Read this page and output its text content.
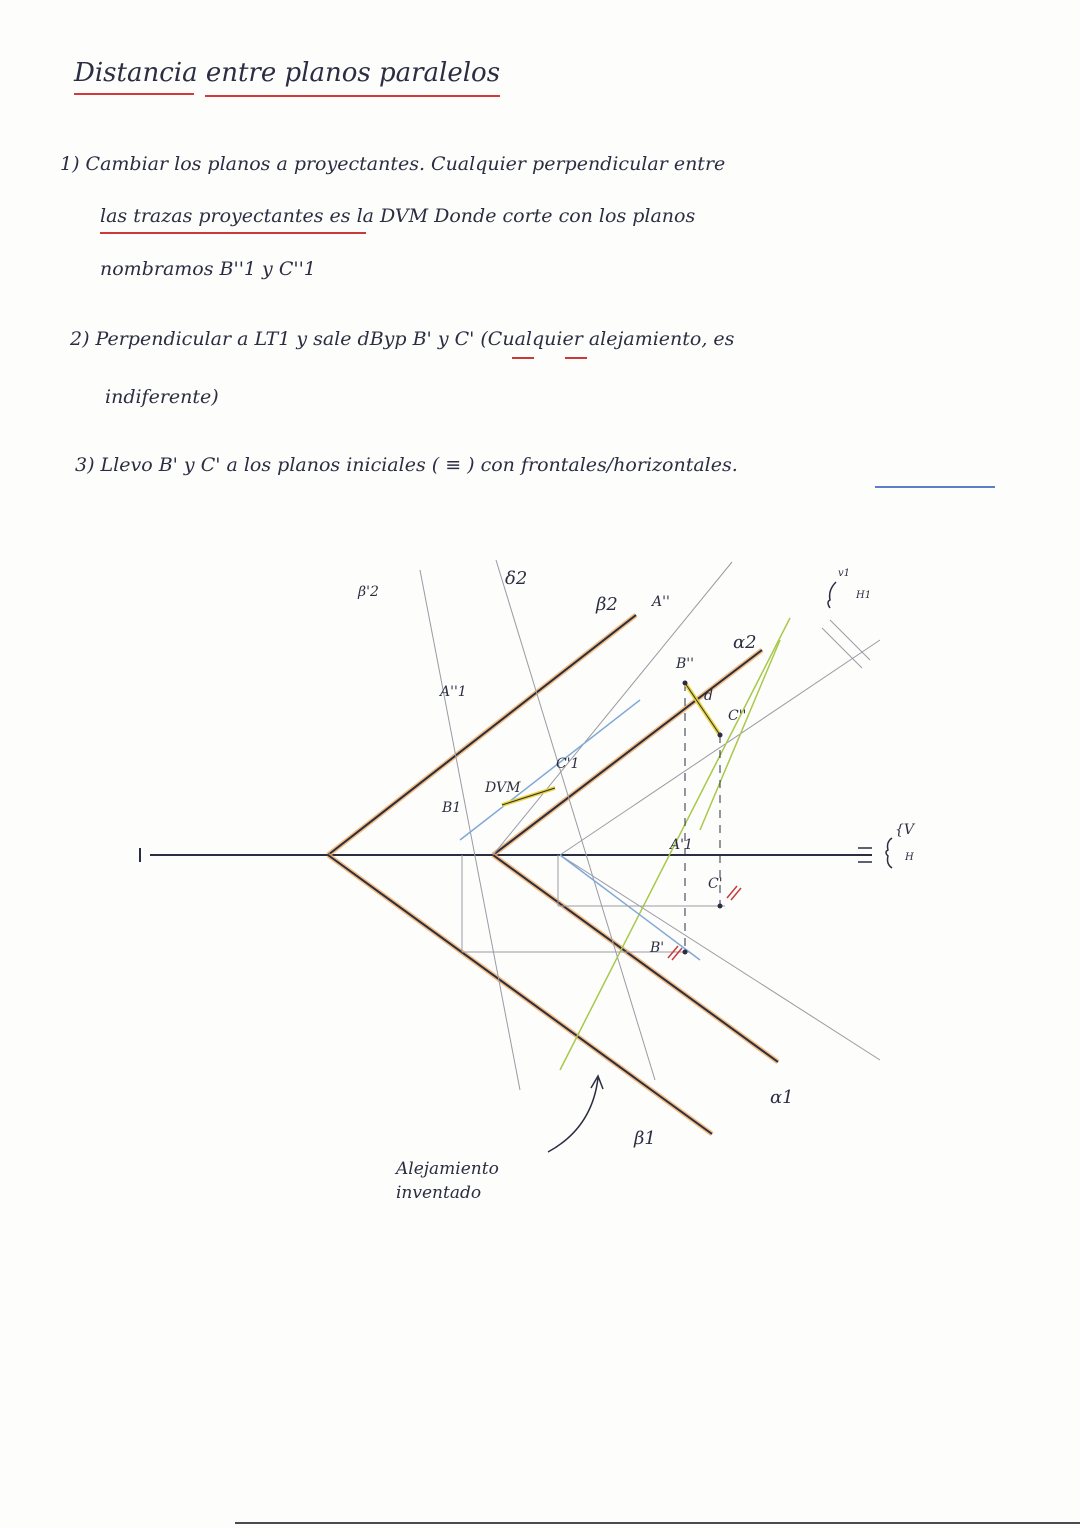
Distancia entre planos paralelos
1) Cambiar los planos a proyectantes. Cualquier perpendicular entre
las trazas proyectantes es la DVM Donde corte con los planos
nombramos B''1 y C''1
2) Perpendicular a LT1 y sale dByp B' y C' (Cualquier alejamiento, es
indiferente)
3) Llevo B' y C' a los planos iniciales ( ≡ ) con frontales/horizontales.
β'2
δ2
β2 A''
B''
α2
C''
d
A''1
B1
C'1
DVM
A'1
B'
C'
β1
α1
{V
H
v1
H1
Alejamiento
inventado
